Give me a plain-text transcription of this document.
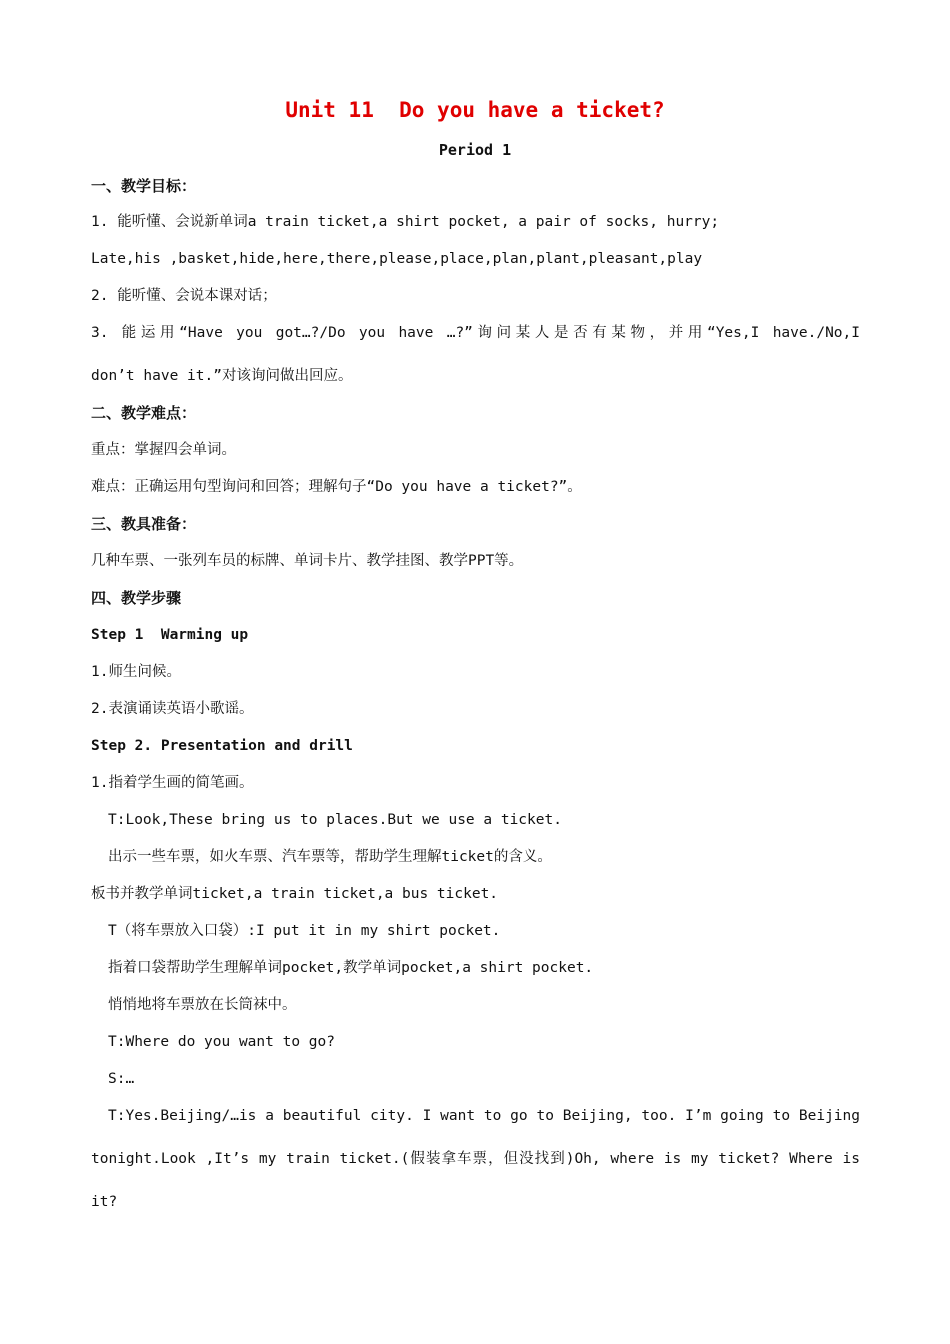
Unit 11  Do you have a ticket?
Period 1
一、教学目标：
1. 能听懂、会说新单词a train ticket,a shirt pocket, a pair of socks, hurry;
Late,his ,basket,hide,here,there,please,place,plan,plant,pleasant,play
2. 能听懂、会说本课对话；
3. 能运用“Have you got…?/Do you have …?”询问某人是否有某物，并用“Yes,I have./No,I
don’t have it.”对该询问做出回应。
二、教学难点：
重点：掌握四会单词。
难点：正确运用句型询问和回答；理解句子“Do you have a ticket?”。
三、教具准备：
几种车票、一张列车员的标牌、单词卡片、教学挂图、教学PPT等。
四、教学步骤
Step 1  Warming up
1.师生问候。
2.表演诵读英语小歌谣。
Step 2. Presentation and drill
1.指着学生画的简笔画。
T:Look,These bring us to places.But we use a ticket.
出示一些车票，如火车票、汽车票等，帮助学生理解ticket的含义。
板书并教学单词ticket,a train ticket,a bus ticket.
T（将车票放入口袋）:I put it in my shirt pocket.
指着口袋帮助学生理解单词pocket,教学单词pocket,a shirt pocket.
悄悄地将车票放在长筒袜中。
T:Where do you want to go?
S:…
T:Yes.Beijing/…is a beautiful city. I want to go to Beijing, too. I’m going to Beijing
tonight.Look ,It’s my train ticket.(假装拿车票，但没找到)Oh, where is my ticket? Where is
it?
